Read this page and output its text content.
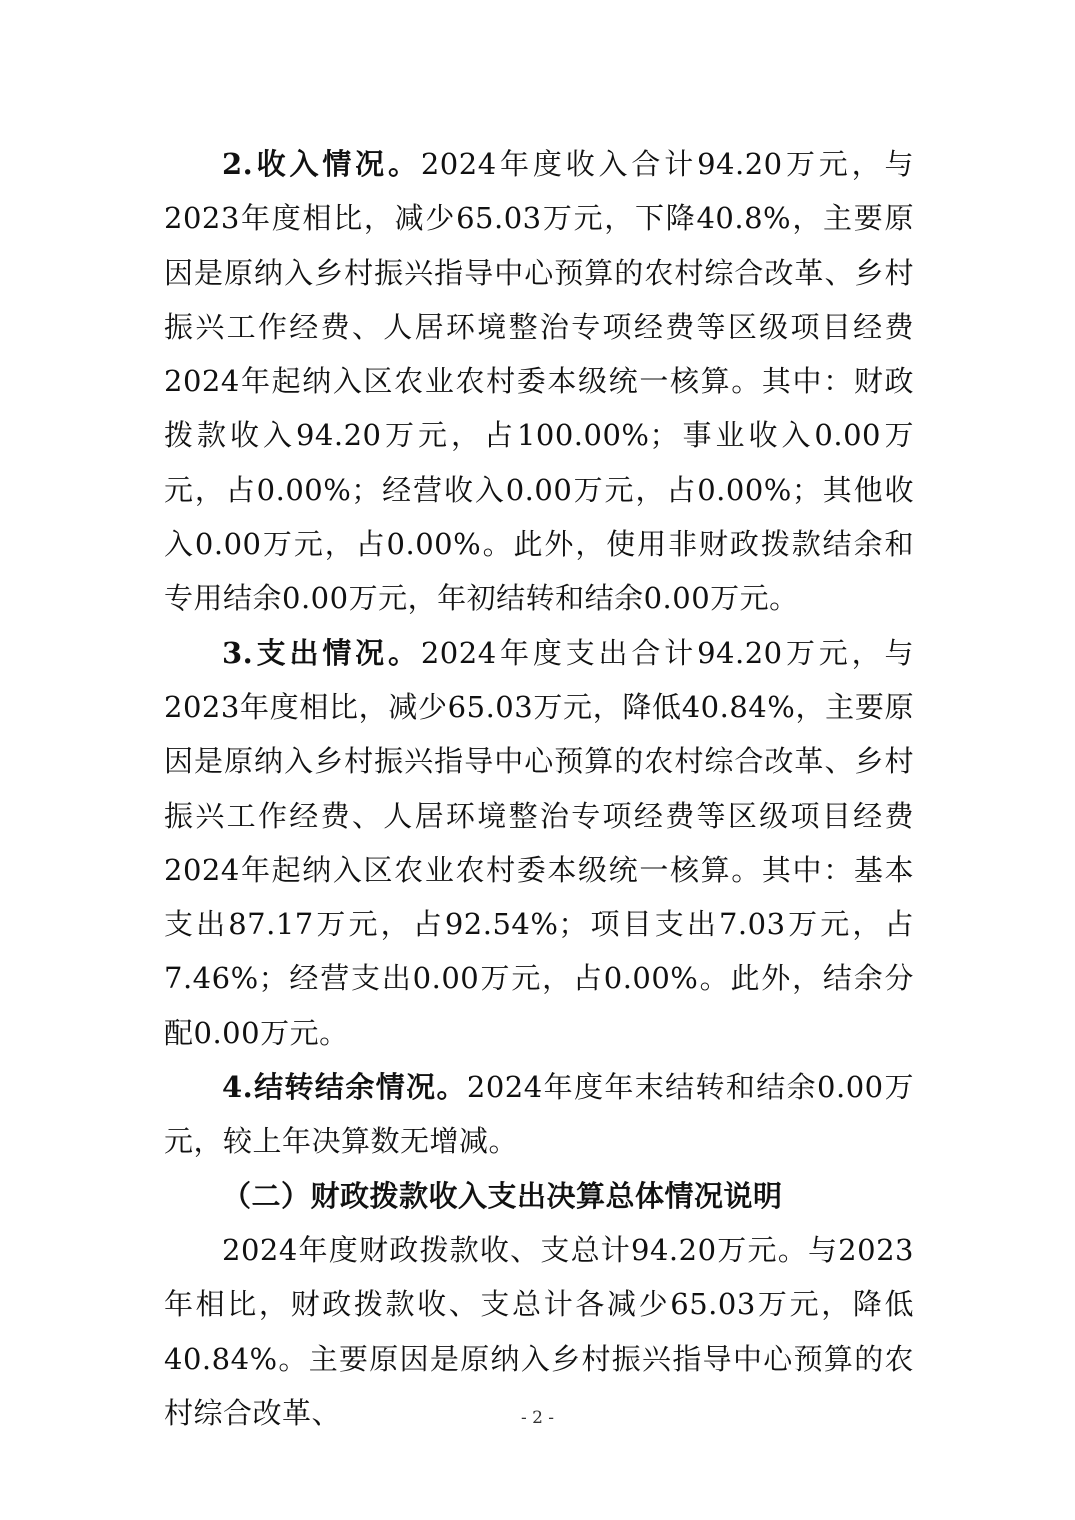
2.收入情况。2024年度收入合计94.20万元，与2023年度相比，减少65.03万元，下降40.8%，主要原因是原纳入乡村振兴指导中心预算的农村综合改革、乡村振兴工作经费、人居环境整治专项经费等区级项目经费2024年起纳入区农业农村委本级统一核算。其中：财政拨款收入94.20万元，占100.00%；事业收入0.00万元，占0.00%；经营收入0.00万元，占0.00%；其他收入0.00万元，占0.00%。此外，使用非财政拨款结余和专用结余0.00万元，年初结转和结余0.00万元。

3.支出情况。2024年度支出合计94.20万元，与2023年度相比，减少65.03万元，降低40.84%，主要原因是原纳入乡村振兴指导中心预算的农村综合改革、乡村振兴工作经费、人居环境整治专项经费等区级项目经费2024年起纳入区农业农村委本级统一核算。其中：基本支出87.17万元，占92.54%；项目支出7.03万元，占7.46%；经营支出0.00万元，占0.00%。此外，结余分配0.00万元。

4.结转结余情况。2024年度年末结转和结余0.00万元，较上年决算数无增减。

（二）财政拨款收入支出决算总体情况说明

2024年度财政拨款收、支总计94.20万元。与2023年相比，财政拨款收、支总计各减少65.03万元，降低40.84%。主要原因是原纳入乡村振兴指导中心预算的农村综合改革、	- 2 -
